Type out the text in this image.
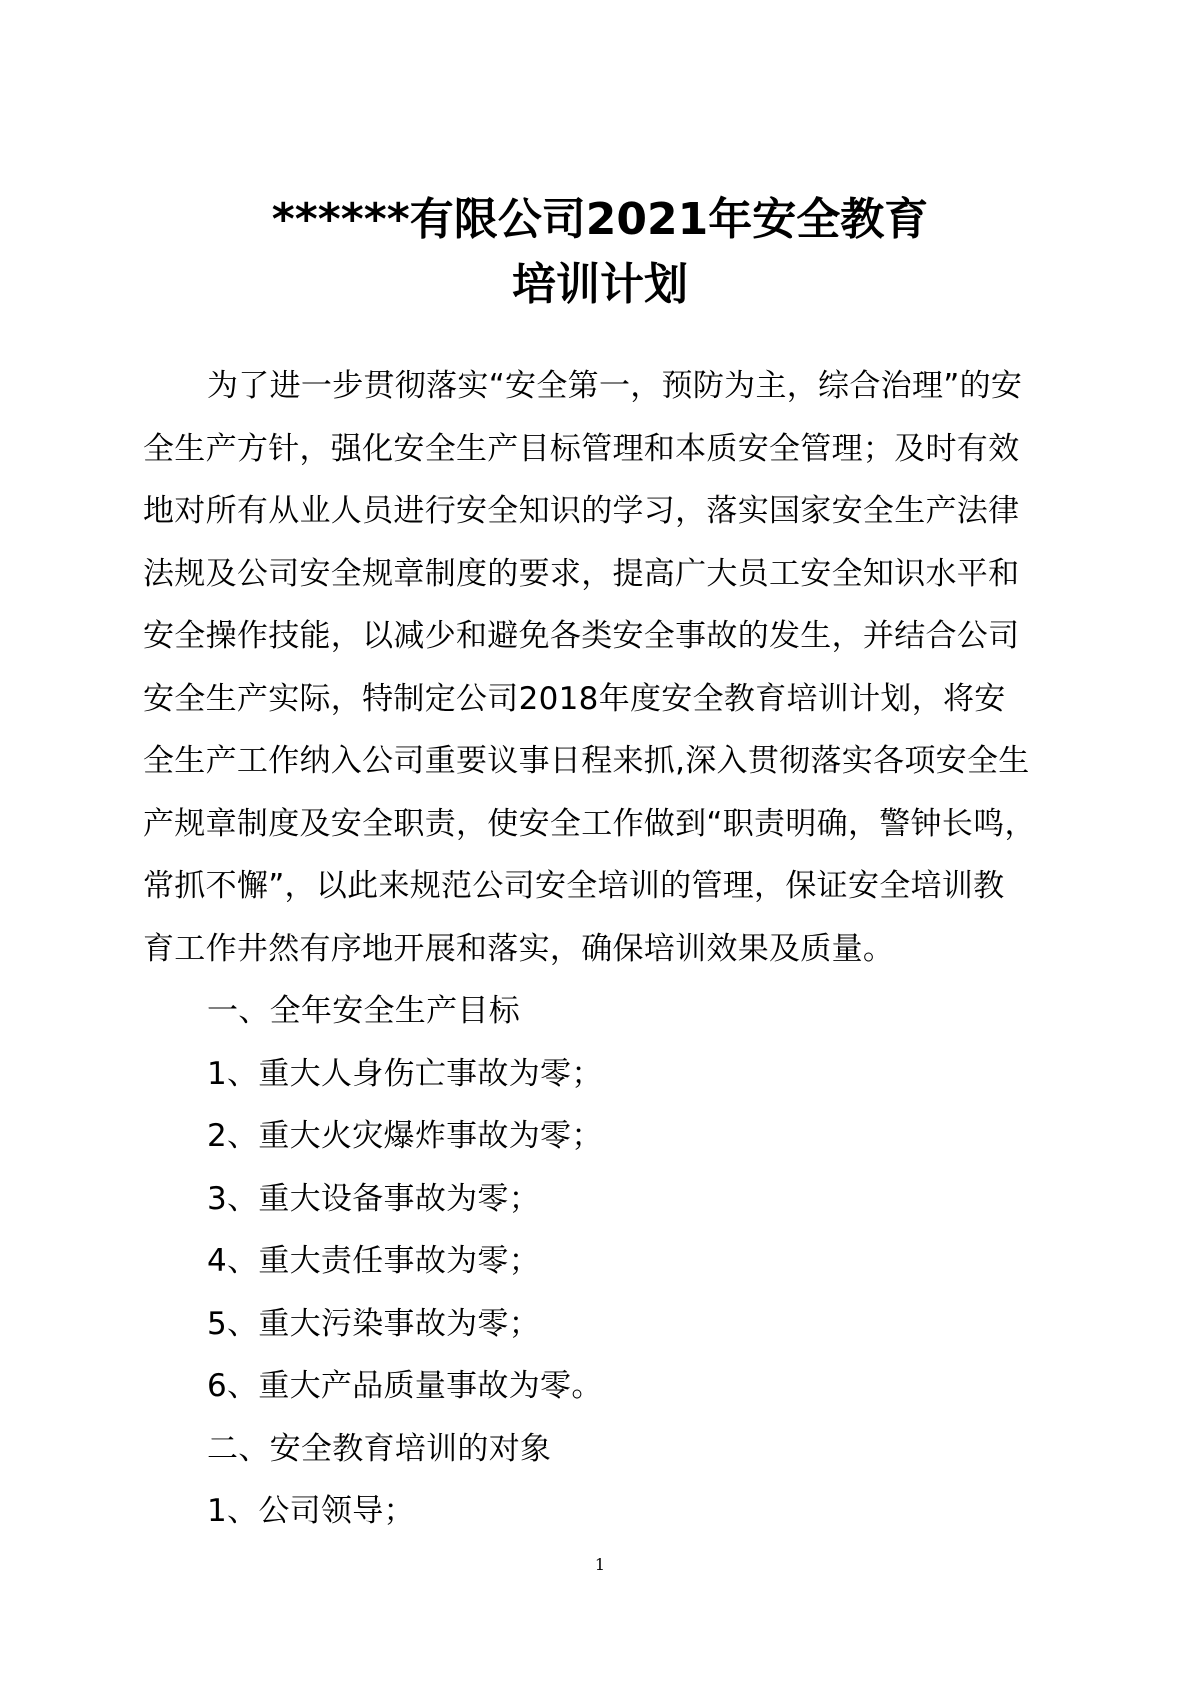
******有限公司2021年安全教育
培训计划
为了进一步贯彻落实“安全第一，预防为主，综合治理”的安
全生产方针，强化安全生产目标管理和本质安全管理；及时有效
地对所有从业人员进行安全知识的学习，落实国家安全生产法律
法规及公司安全规章制度的要求，提高广大员工安全知识水平和
安全操作技能，以减少和避免各类安全事故的发生，并结合公司
安全生产实际，特制定公司2018年度安全教育培训计划，将安
全生产工作纳入公司重要议事日程来抓,深入贯彻落实各项安全生
产规章制度及安全职责，使安全工作做到“职责明确，警钟长鸣，
常抓不懈”，以此来规范公司安全培训的管理，保证安全培训教
育工作井然有序地开展和落实，确保培训效果及质量。
一、全年安全生产目标
1、重大人身伤亡事故为零；
2、重大火灾爆炸事故为零；
3、重大设备事故为零；
4、重大责任事故为零；
5、重大污染事故为零；
6、重大产品质量事故为零。
二、安全教育培训的对象
1、公司领导；
1
